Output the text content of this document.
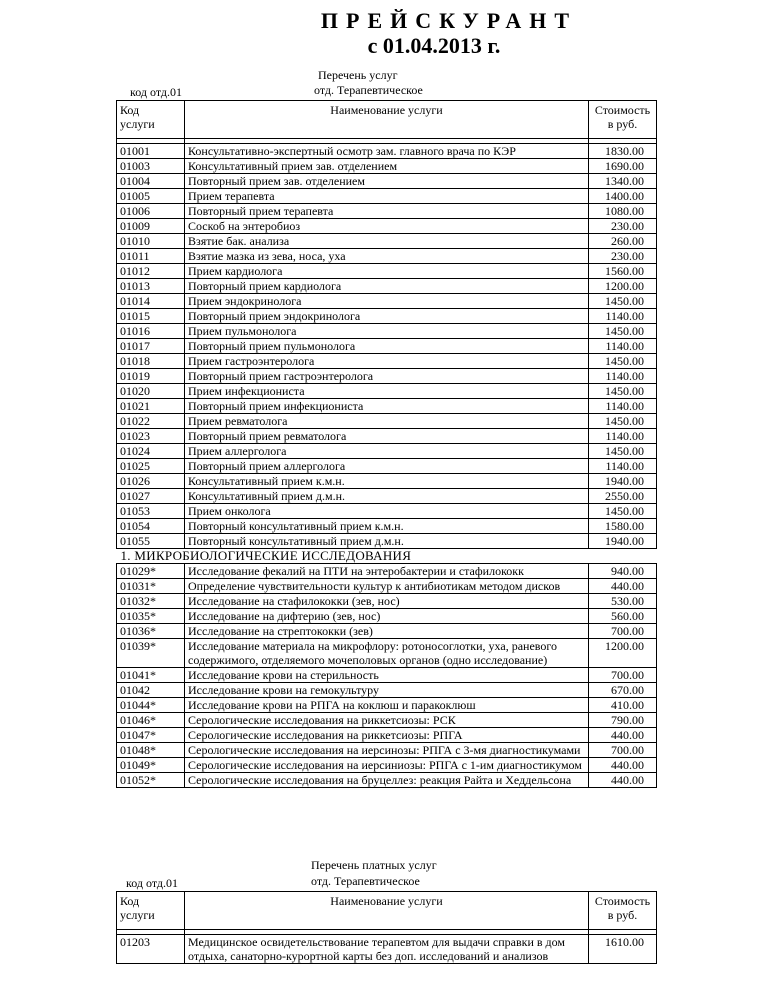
ПРЕЙСКУРАНТ
с 01.04.2013 г.
Перечень услуг
отд. Терапевтическое
код отд.01
Код
услуги	Наименование услуги	Стоимость
в руб.

01001	Консультативно-экспертный осмотр зам. главного врача по КЭР	1830.00
01003	Консультативный прием зав. отделением	1690.00
01004	Повторный прием зав. отделением	1340.00
01005	Прием терапевта	1400.00
01006	Повторный прием терапевта	1080.00
01009	Соскоб на энтеробиоз	230.00
01010	Взятие бак. анализа	260.00
01011	Взятие мазка из зева, носа, уха	230.00
01012	Прием кардиолога	1560.00
01013	Повторный прием кардиолога	1200.00
01014	Прием эндокринолога	1450.00
01015	Повторный прием эндокринолога	1140.00
01016	Прием пульмонолога	1450.00
01017	Повторный прием пульмонолога	1140.00
01018	Прием гастроэнтеролога	1450.00
01019	Повторный прием гастроэнтеролога	1140.00
01020	Прием инфекциониста	1450.00
01021	Повторный прием инфекциониста	1140.00
01022	Прием ревматолога	1450.00
01023	Повторный прием ревматолога	1140.00
01024	Прием аллерголога	1450.00
01025	Повторный прием аллерголога	1140.00
01026	Консультативный прием к.м.н.	1940.00
01027	Консультативный прием д.м.н.	2550.00
01053	Прием онколога	1450.00
01054	Повторный консультативный прием к.м.н.	1580.00
01055	Повторный консультативный прием д.м.н.	1940.00
1. МИКРОБИОЛОГИЧЕСКИЕ ИССЛЕДОВАНИЯ		
01029*	Исследование фекалий на ПТИ на энтеробактерии и стафилококк	940.00
01031*	Определение чувствительности культур к антибиотикам методом дисков	440.00
01032*	Исследование на стафилококки (зев, нос)	530.00
01035*	Исследование на дифтерию (зев, нос)	560.00
01036*	Исследование на стрептококки (зев)	700.00
01039*	Исследование материала на микрофлору: ротоносоглотки, уха, раневого содержимого, отделяемого мочеполовых органов (одно исследование)	1200.00
01041*	Исследование крови на стерильность	700.00
01042	Исследование крови на гемокультуру	670.00
01044*	Исследование крови на РПГА на коклюш и паракоклюш	410.00
01046*	Серологические исследования на риккетсиозы: РСК	790.00
01047*	Серологические исследования на риккетсиозы: РПГА	440.00
01048*	Серологические исследования на иерсинозы: РПГА с 3-мя диагностикумами	700.00
01049*	Серологические исследования на иерсиниозы: РПГА с 1-им диагностикумом	440.00
01052*	Серологические исследования на бруцеллез: реакция Райта и Хеддельсона	440.00
Перечень платных услуг
отд. Терапевтическое
код отд.01
Код
услуги	Наименование услуги	Стоимость
в руб.

01203	Медицинское освидетельствование терапевтом для выдачи справки в дом отдыха, санаторно-курортной карты без доп. исследований и анализов	1610.00
